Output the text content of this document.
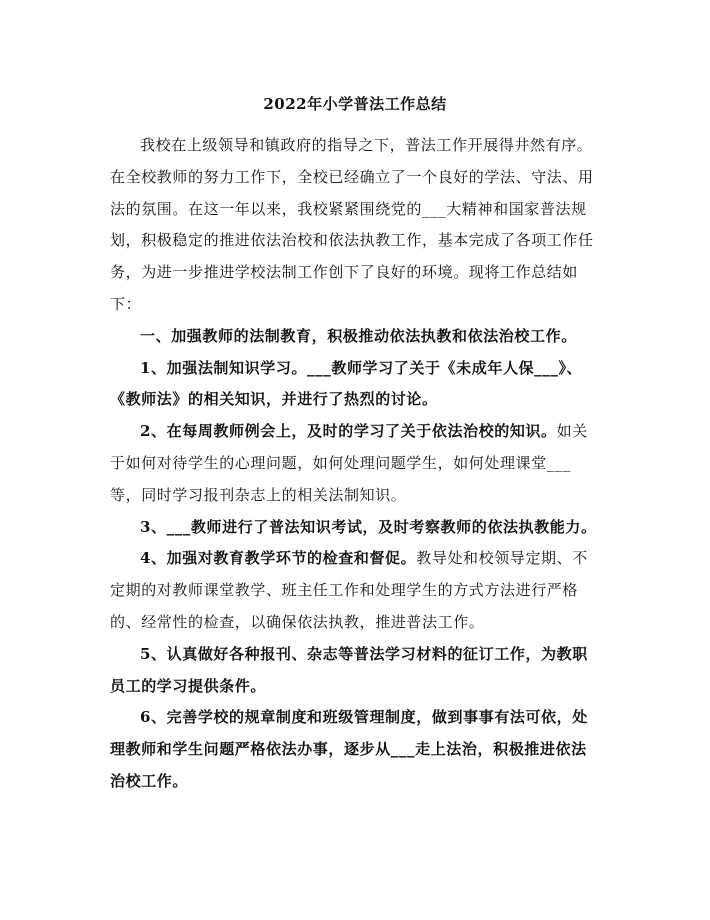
2022年小学普法工作总结

我校在上级领导和镇政府的指导之下，普法工作开展得井然有序。在全校教师的努力工作下，全校已经确立了一个良好的学法、守法、用法的氛围。在这一年以来，我校紧紧围绕党的___大精神和国家普法规划，积极稳定的推进依法治校和依法执教工作，基本完成了各项工作任务，为进一步推进学校法制工作创下了良好的环境。现将工作总结如下：

一、加强教师的法制教育，积极推动依法执教和依法治校工作。

1、加强法制知识学习。___教师学习了关于《未成年人保___》、《教师法》的相关知识，并进行了热烈的讨论。

2、在每周教师例会上，及时的学习了关于依法治校的知识。如关于如何对待学生的心理问题，如何处理问题学生，如何处理课堂___等，同时学习报刊杂志上的相关法制知识。

3、___教师进行了普法知识考试，及时考察教师的依法执教能力。

4、加强对教育教学环节的检查和督促。教导处和校领导定期、不定期的对教师课堂教学、班主任工作和处理学生的方式方法进行严格的、经常性的检查，以确保依法执教，推进普法工作。

5、认真做好各种报刊、杂志等普法学习材料的征订工作，为教职员工的学习提供条件。

6、完善学校的规章制度和班级管理制度，做到事事有法可依，处理教师和学生问题严格依法办事，逐步从___走上法治，积极推进依法治校工作。
